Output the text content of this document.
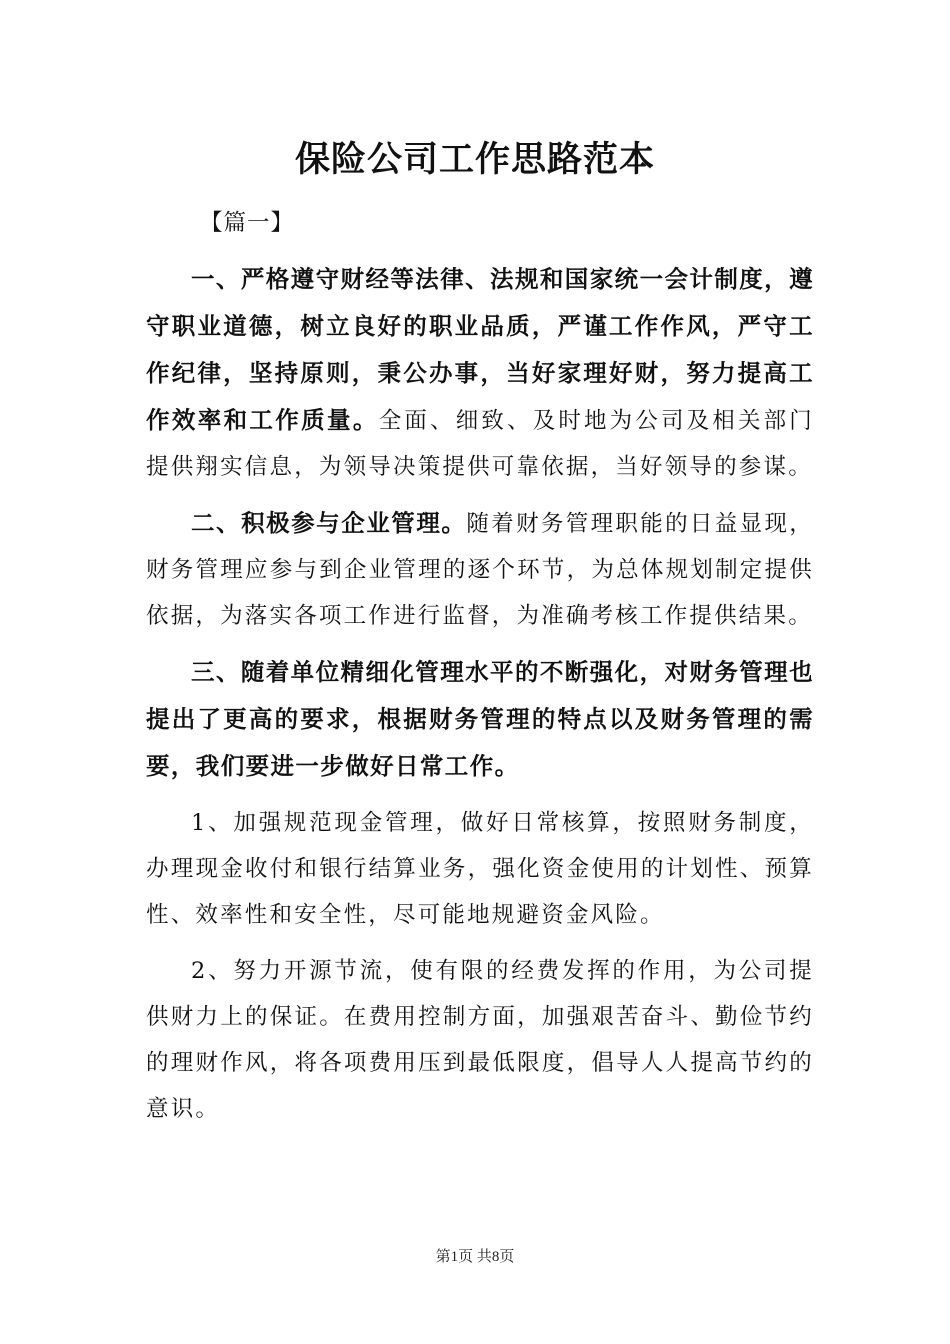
保险公司工作思路范本

【篇一】

一、严格遵守财经等法律、法规和国家统一会计制度，遵守职业道德，树立良好的职业品质，严谨工作作风，严守工作纪律，坚持原则，秉公办事，当好家理好财，努力提高工作效率和工作质量。全面、细致、及时地为公司及相关部门提供翔实信息，为领导决策提供可靠依据，当好领导的参谋。

二、积极参与企业管理。随着财务管理职能的日益显现，财务管理应参与到企业管理的逐个环节，为总体规划制定提供依据，为落实各项工作进行监督，为准确考核工作提供结果。

三、随着单位精细化管理水平的不断强化，对财务管理也提出了更高的要求，根据财务管理的特点以及财务管理的需要，我们要进一步做好日常工作。

1、加强规范现金管理，做好日常核算，按照财务制度，办理现金收付和银行结算业务，强化资金使用的计划性、预算性、效率性和安全性，尽可能地规避资金风险。

2、努力开源节流，使有限的经费发挥的作用，为公司提供财力上的保证。在费用控制方面，加强艰苦奋斗、勤俭节约的理财作风，将各项费用压到最低限度，倡导人人提高节约的意识。

第1页 共8页
